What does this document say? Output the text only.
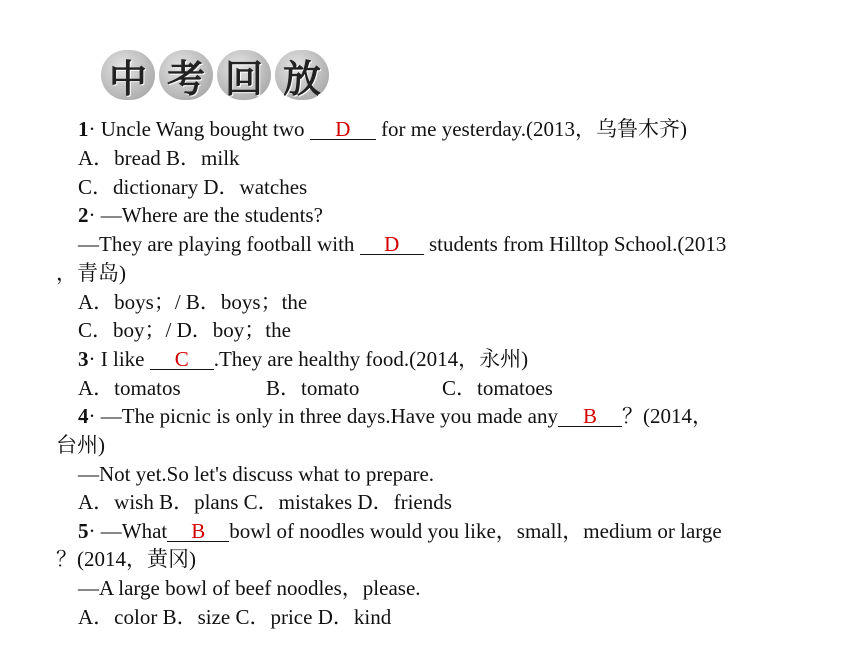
中 考 回 放
1· Uncle Wang bought two D for me yesterday.(2013，乌鲁木齐)
A．bread B．milk
C．dictionary D．watches
2· —Where are the students?
—They are playing football with D students from Hilltop School.(2013
，青岛)
A．boys；/ B．boys；the
C．boy；/ D．boy；the
3· I like C .They are healthy food.(2014，永州)
A．tomatos	B．tomato	C．tomatoes
4· —The picnic is only in three days.Have you made any B ？(2014，
台州)
—Not yet.So let's discuss what to prepare.
A．wish B．plans C．mistakes D．friends
5· —What B bowl of noodles would you like，small，medium or large
？(2014，黄冈)
—A large bowl of beef noodles，please.
A．color B．size C．price D．kind
